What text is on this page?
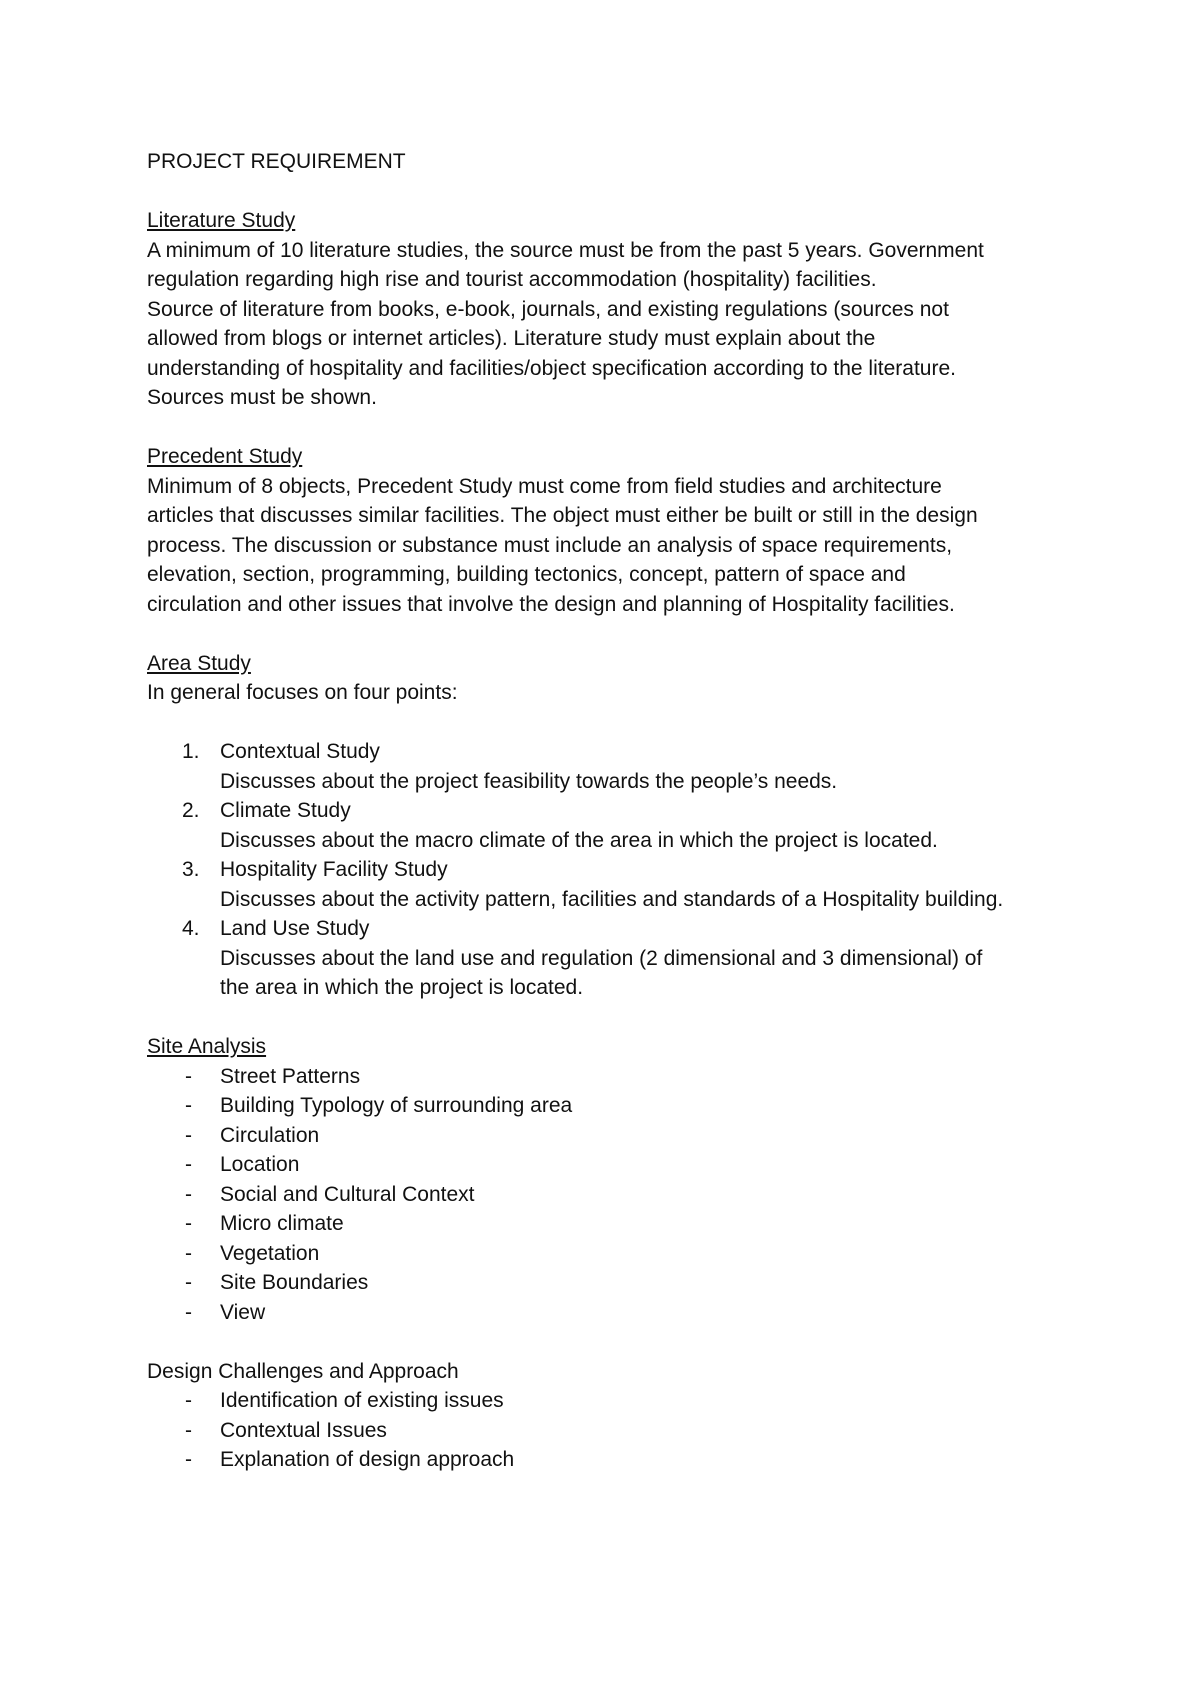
PROJECT REQUIREMENT

Literature Study

A minimum of 10 literature studies, the source must be from the past 5 years. Government

regulation regarding high rise and tourist accommodation (hospitality) facilities.

Source of literature from books, e-book, journals, and existing regulations (sources not

allowed from blogs or internet articles). Literature study must explain about the

understanding of hospitality and facilities/object specification according to the literature.

Sources must be shown.

Precedent Study

Minimum of 8 objects, Precedent Study must come from field studies and architecture

articles that discusses similar facilities. The object must either be built or still in the design

process. The discussion or substance must include an analysis of space requirements,

elevation, section, programming, building tectonics, concept, pattern of space and

circulation and other issues that involve the design and planning of Hospitality facilities.

Area Study

In general focuses on four points:

1. Contextual Study

Discusses about the project feasibility towards the people’s needs.

2. Climate Study

Discusses about the macro climate of the area in which the project is located.

3. Hospitality Facility Study

Discusses about the activity pattern, facilities and standards of a Hospitality building.

4. Land Use Study

Discusses about the land use and regulation (2 dimensional and 3 dimensional) of

the area in which the project is located.

Site Analysis

- Street Patterns
- Building Typology of surrounding area
- Circulation
- Location
- Social and Cultural Context
- Micro climate
- Vegetation
- Site Boundaries
- View

Design Challenges and Approach

- Identification of existing issues
- Contextual Issues
- Explanation of design approach
